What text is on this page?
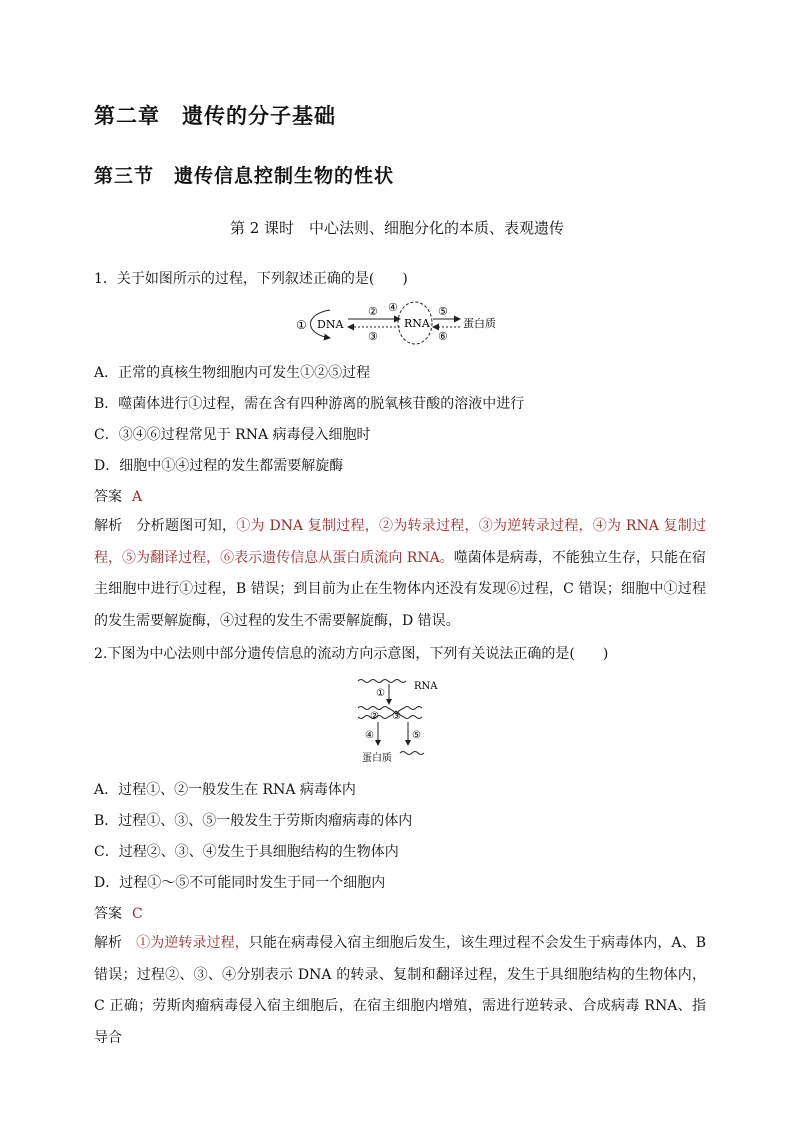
第二章　遗传的分子基础
第三节　遗传信息控制生物的性状
第 2 课时　中心法则、细胞分化的本质、表观遗传
1．关于如图所示的过程，下列叙述正确的是(　　)
① DNA
②
③
④
RNA
⑤
⑥
蛋白质
A．正常的真核生物细胞内可发生①②⑤过程
B．噬菌体进行①过程，需在含有四种游离的脱氧核苷酸的溶液中进行
C．③④⑥过程常见于 RNA 病毒侵入细胞时
D．细胞中①④过程的发生都需要解旋酶
答案 A
解析 分析题图可知，①为 DNA 复制过程，②为转录过程，③为逆转录过程，④为 RNA 复制过程，⑤为翻译过程，⑥表示遗传信息从蛋白质流向 RNA。噬菌体是病毒，不能独立生存，只能在宿主细胞中进行①过程，B 错误；到目前为止在生物体内还没有发现⑥过程，C 错误；细胞中①过程的发生需要解旋酶，④过程的发生不需要解旋酶，D 错误。
2.下图为中心法则中部分遗传信息的流动方向示意图，下列有关说法正确的是(　　)
RNA
①
② ③
④	⑤
蛋白质
A．过程①、②一般发生在 RNA 病毒体内
B．过程①、③、⑤一般发生于劳斯肉瘤病毒的体内
C．过程②、③、④发生于具细胞结构的生物体内
D．过程①～⑤不可能同时发生于同一个细胞内
答案 C
解析 ①为逆转录过程，只能在病毒侵入宿主细胞后发生，该生理过程不会发生于病毒体内，A、B 错误；过程②、③、④分别表示 DNA 的转录、复制和翻译过程，发生于具细胞结构的生物体内，C 正确；劳斯肉瘤病毒侵入宿主细胞后，在宿主细胞内增殖，需进行逆转录、合成病毒 RNA、指导合
